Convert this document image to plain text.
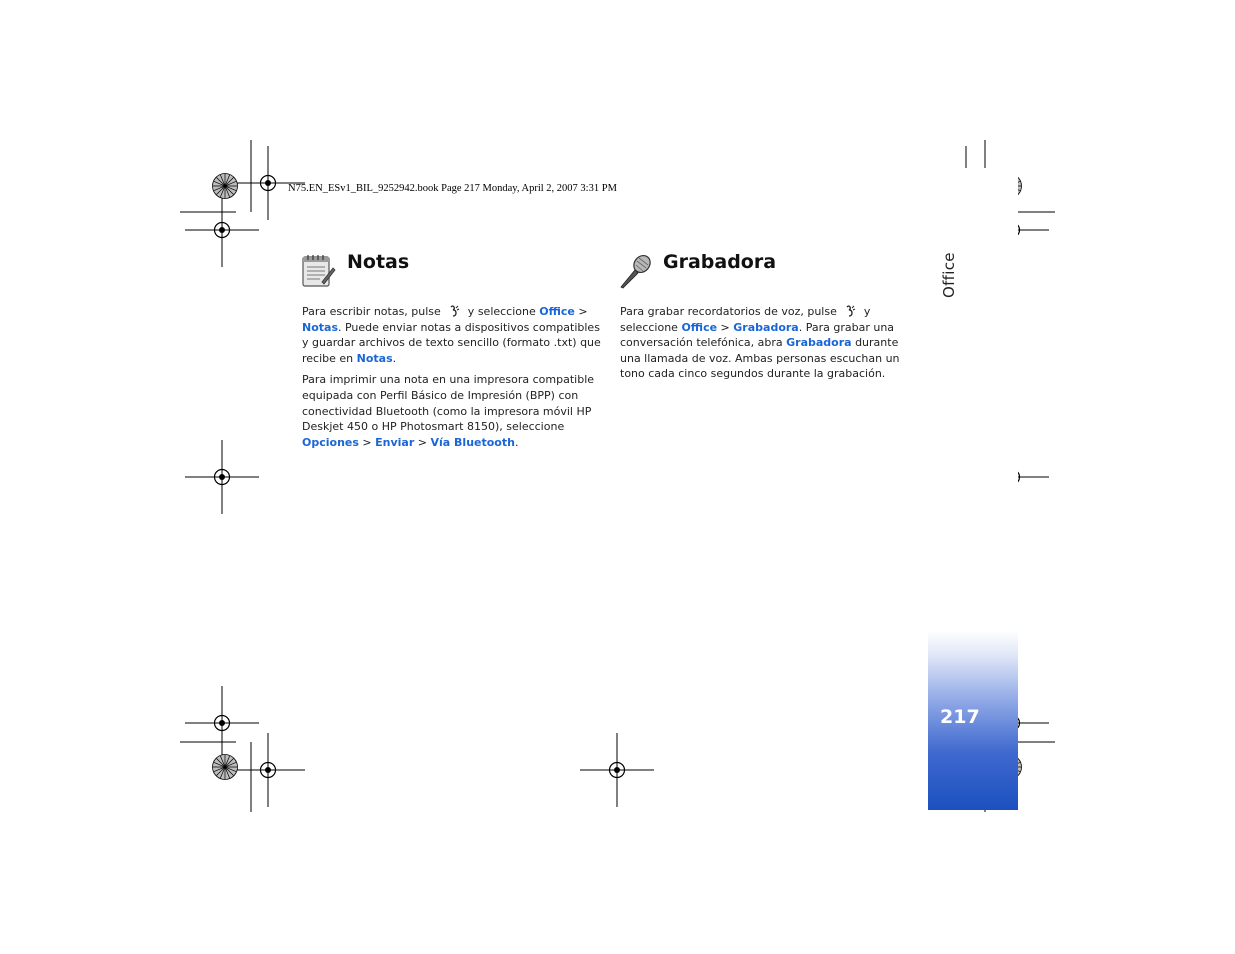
N75.EN_ESv1_BIL_9252942.book Page 217 Monday, April 2, 2007 3:31 PM
Office
217
Notas

Para escribir notas, pulse  y seleccione Office > Notas. Puede enviar notas a dispositivos compatibles y guardar archivos de texto sencillo (formato .txt) que recibe en Notas.

Para imprimir una nota en una impresora compatible equipada con Perfil Básico de Impresión (BPP) con conectividad Bluetooth (como la impresora móvil HP Deskjet 450 o HP Photosmart 8150), seleccione Opciones > Enviar > Vía Bluetooth.

Grabadora

Para grabar recordatorios de voz, pulse  y seleccione Office > Grabadora. Para grabar una conversación telefónica, abra Grabadora durante una llamada de voz. Ambas personas escuchan un tono cada cinco segundos durante la grabación.
